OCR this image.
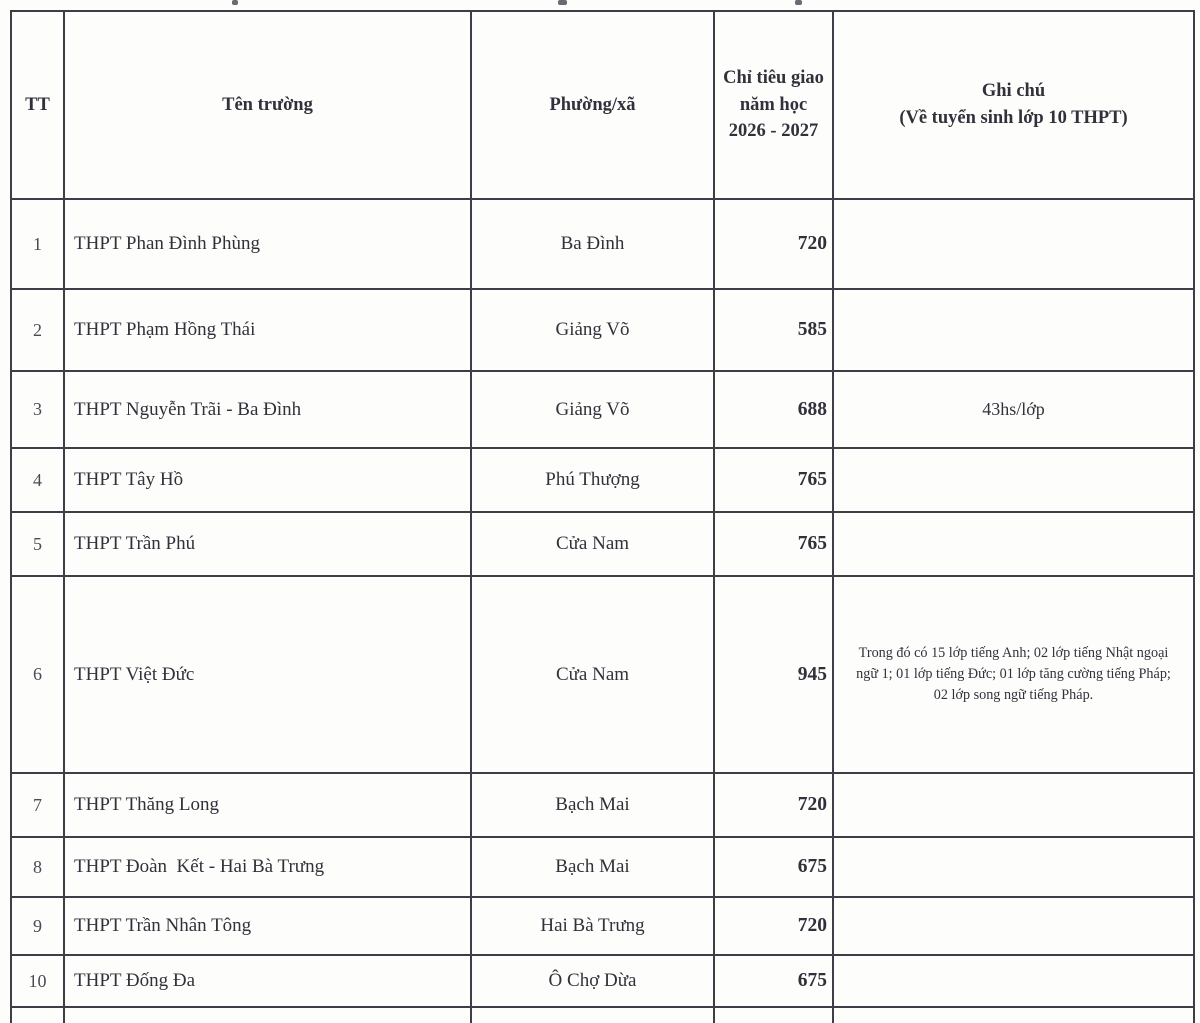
TT	Tên trường	Phường/xã	Chỉ tiêu giao năm học 2026 - 2027	Ghi chú
(Về tuyển sinh lớp 10 THPT)

1	THPT Phan Đình Phùng	Ba Đình	720	
2	THPT Phạm Hồng Thái	Giảng Võ	585	
3	THPT Nguyễn Trãi - Ba Đình	Giảng Võ	688	43hs/lớp
4	THPT Tây Hồ	Phú Thượng	765	
5	THPT Trần Phú	Cửa Nam	765	
6	THPT Việt Đức	Cửa Nam	945	Trong đó có 15 lớp tiếng Anh; 02 lớp tiếng Nhật ngoại ngữ 1; 01 lớp tiếng Đức; 01 lớp tăng cường tiếng Pháp; 02 lớp song ngữ tiếng Pháp.
7	THPT Thăng Long	Bạch Mai	720	
8	THPT Đoàn  Kết - Hai Bà Trưng	Bạch Mai	675	
9	THPT Trần Nhân Tông	Hai Bà Trưng	720	
10	THPT Đống Đa	Ô Chợ Dừa	675	
